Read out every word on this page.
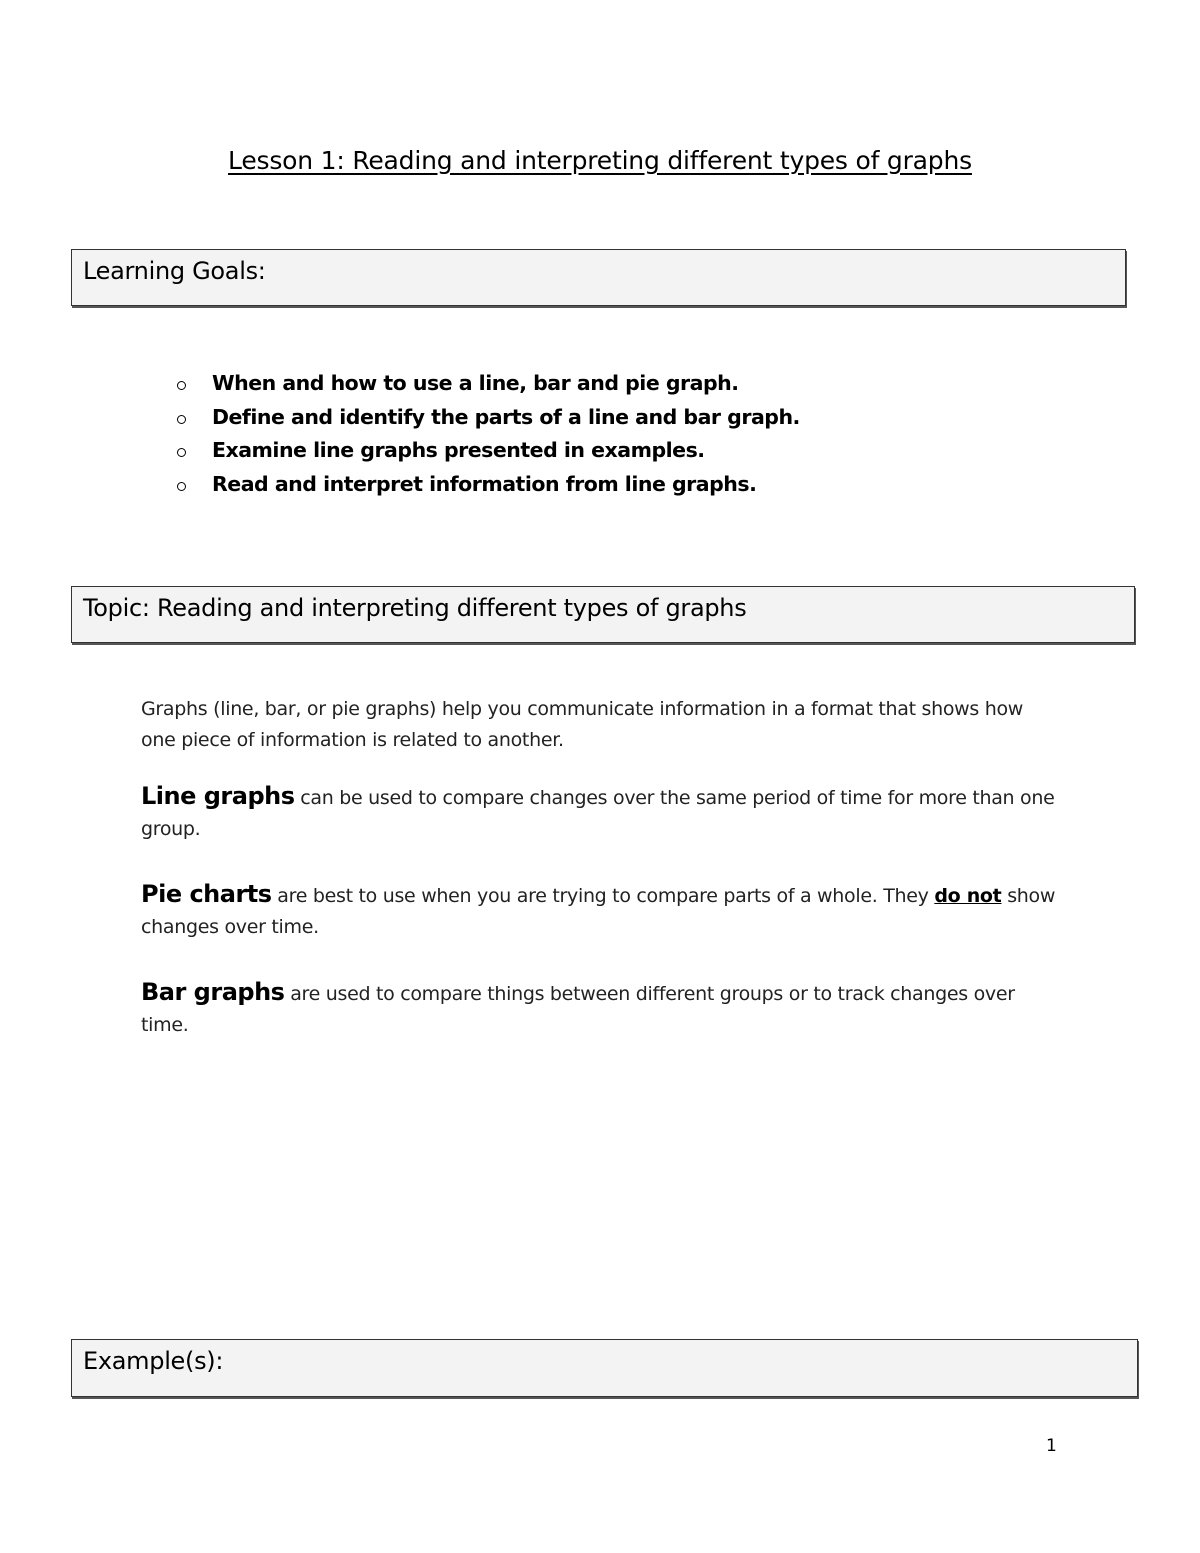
Lesson 1: Reading and interpreting different types of graphs
Learning Goals:
When and how to use a line, bar and pie graph.
Define and identify the parts of a line and bar graph.
Examine line graphs presented in examples.
Read and interpret information from line graphs.
Topic: Reading and interpreting different types of graphs
Graphs (line, bar, or pie graphs) help you communicate information in a format that shows how one piece of information is related to another.
Line graphs can be used to compare changes over the same period of time for more than one group.
Pie charts are best to use when you are trying to compare parts of a whole. They do not show changes over time.
Bar graphs are used to compare things between different groups or to track changes over time.
Example(s):
1
